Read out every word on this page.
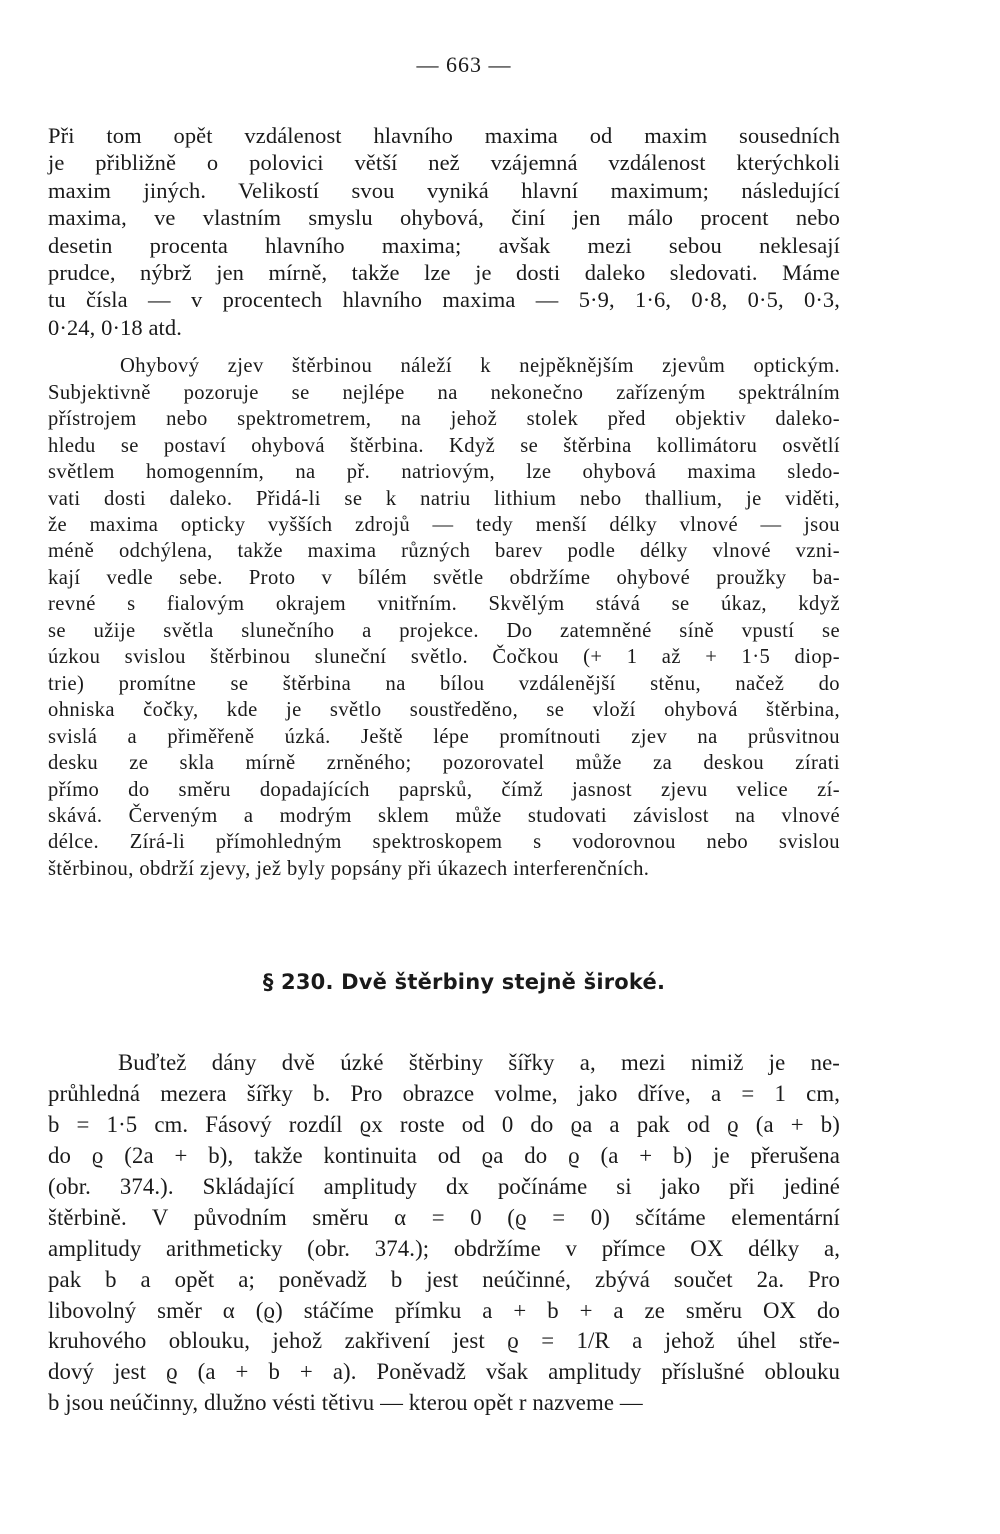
— 663 —

Při tom opět vzdálenost hlavního maxima od maxim sousedních
je přibližně o polovici větší než vzájemná vzdálenost kterýchkoli
maxim jiných. Velikostí svou vyniká hlavní maximum; následující
maxima, ve vlastním smyslu ohybová, činí jen málo procent nebo
desetin procenta hlavního maxima; avšak mezi sebou neklesají
prudce, nýbrž jen mírně, takže lze je dosti daleko sledovati. Máme
tu čísla — v procentech hlavního maxima — 5·9, 1·6, 0·8, 0·5, 0·3,
0·24, 0·18 atd.

Ohybový zjev štěrbinou náleží k nejpěknějším zjevům optickým.
Subjektivně pozoruje se nejlépe na nekonečno zařízeným spektrálním
přístrojem nebo spektrometrem, na jehož stolek před objektiv daleko-
hledu se postaví ohybová štěrbina. Když se štěrbina kollimátoru osvětlí
světlem homogenním, na př. natriovým, lze ohybová maxima sledo-
vati dosti daleko. Přidá-li se k natriu lithium nebo thallium, je viděti,
že maxima opticky vyšších zdrojů — tedy menší délky vlnové — jsou
méně odchýlena, takže maxima různých barev podle délky vlnové vzni-
kají vedle sebe. Proto v bílém světle obdržíme ohybové proužky ba-
revné s fialovým okrajem vnitřním. Skvělým stává se úkaz, když
se užije světla slunečního a projekce. Do zatemněné síně vpustí se
úzkou svislou štěrbinou sluneční světlo. Čočkou (+ 1 až + 1·5 diop-
trie) promítne se štěrbina na bílou vzdálenější stěnu, načež do
ohniska čočky, kde je světlo soustředěno, se vloží ohybová štěrbina,
svislá a přiměřeně úzká. Ještě lépe promítnouti zjev na průsvitnou
desku ze skla mírně zrněného; pozorovatel může za deskou zírati
přímo do směru dopadajících paprsků, čímž jasnost zjevu velice zí-
skává. Červeným a modrým sklem může studovati závislost na vlnové
délce. Zírá-li přímohledným spektroskopem s vodorovnou nebo svislou
štěrbinou, obdrží zjevy, jež byly popsány při úkazech interferenčních.

§ 230. Dvě štěrbiny stejně široké.

Buďtež dány dvě úzké štěrbiny šířky a, mezi nimiž je ne-
průhledná mezera šířky b. Pro obrazce volme, jako dříve, a = 1 cm,
b = 1·5 cm. Fásový rozdíl ϱx roste od 0 do ϱa a pak od ϱ (a + b)
do ϱ (2a + b), takže kontinuita od ϱa do ϱ (a + b) je přerušena
(obr. 374.). Skládající amplitudy dx počínáme si jako při jediné
štěrbině. V původním směru α = 0 (ϱ = 0) sčítáme elementární
amplitudy arithmeticky (obr. 374.); obdržíme v přímce OX délky a,
pak b a opět a; poněvadž b jest neúčinné, zbývá součet 2a. Pro
libovolný směr α (ϱ) stáčíme přímku a + b + a ze směru OX do
kruhového oblouku, jehož zakřivení jest ϱ = 1/R a jehož úhel stře-
dový jest ϱ (a + b + a). Poněvadž však amplitudy příslušné oblouku
b jsou neúčinny, dlužno vésti tětivu — kterou opět r nazveme —
